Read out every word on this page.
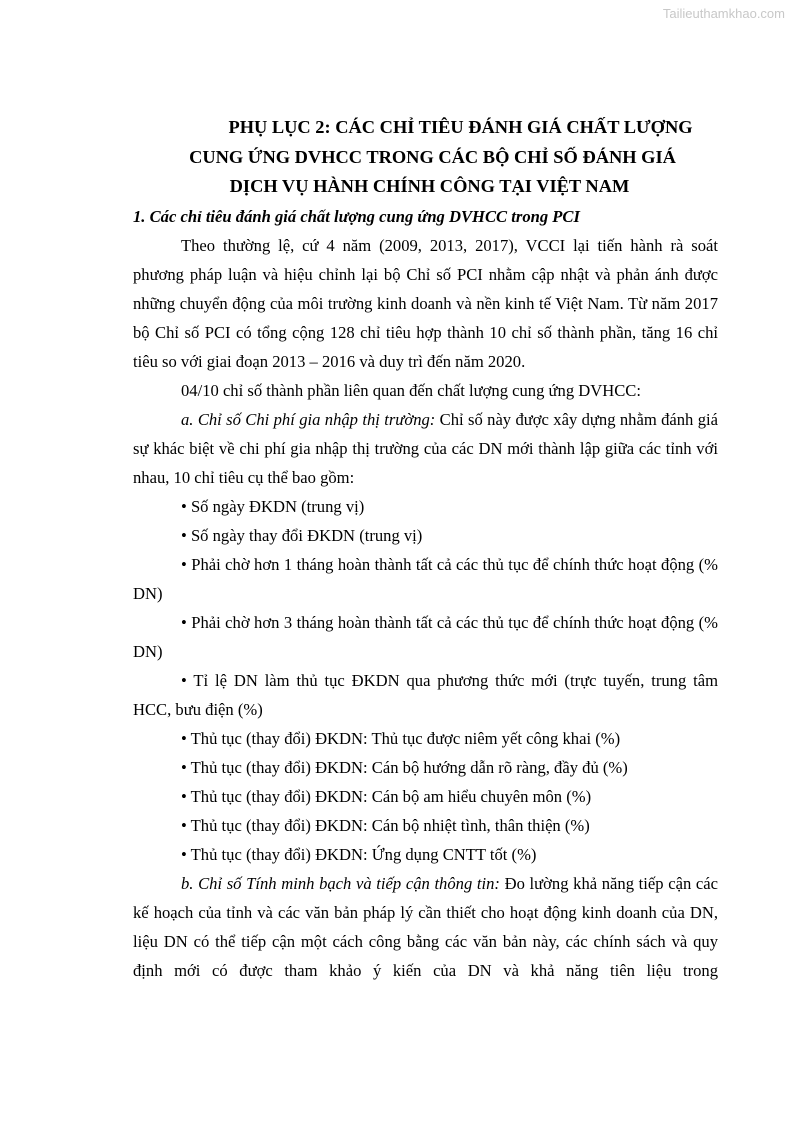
Tailieuthamkhao.com
PHỤ LỤC 2: CÁC CHỈ TIÊU ĐÁNH GIÁ CHẤT LƯỢNG
CUNG ỨNG DVHCC TRONG CÁC BỘ CHỈ SỐ ĐÁNH GIÁ
DỊCH VỤ HÀNH CHÍNH CÔNG TẠI VIỆT NAM
1. Các chỉ tiêu đánh giá chất lượng cung ứng DVHCC trong PCI

Theo thường lệ, cứ 4 năm (2009, 2013, 2017), VCCI lại tiến hành rà soát phương pháp luận và hiệu chỉnh lại bộ Chỉ số PCI nhằm cập nhật và phản ánh được những chuyển động của môi trường kinh doanh và nền kinh tế Việt Nam. Từ năm 2017 bộ Chỉ số PCI có tổng cộng 128 chỉ tiêu hợp thành 10 chỉ số thành phần, tăng 16 chỉ tiêu so với giai đoạn 2013 – 2016 và duy trì đến năm 2020.

04/10 chỉ số thành phần liên quan đến chất lượng cung ứng DVHCC:

a. Chỉ số Chi phí gia nhập thị trường: Chỉ số này được xây dựng nhằm đánh giá sự khác biệt về chi phí gia nhập thị trường của các DN mới thành lập giữa các tỉnh với nhau, 10 chỉ tiêu cụ thể bao gồm:

• Số ngày ĐKDN (trung vị)

• Số ngày thay đổi ĐKDN (trung vị)

• Phải chờ hơn 1 tháng hoàn thành tất cả các thủ tục để chính thức hoạt động (% DN)

• Phải chờ hơn 3 tháng hoàn thành tất cả các thủ tục để chính thức hoạt động (% DN)

• Tỉ lệ DN làm thủ tục ĐKDN qua phương thức mới (trực tuyến, trung tâm HCC, bưu điện (%)

• Thủ tục (thay đổi) ĐKDN: Thủ tục được niêm yết công khai (%)

• Thủ tục (thay đổi) ĐKDN: Cán bộ hướng dẫn rõ ràng, đầy đủ (%)

• Thủ tục (thay đổi) ĐKDN: Cán bộ am hiểu chuyên môn (%)

• Thủ tục (thay đổi) ĐKDN: Cán bộ nhiệt tình, thân thiện (%)

• Thủ tục (thay đổi) ĐKDN: Ứng dụng CNTT tốt (%)

b. Chỉ số Tính minh bạch và tiếp cận thông tin: Đo lường khả năng tiếp cận các kế hoạch của tỉnh và các văn bản pháp lý cần thiết cho hoạt động kinh doanh của DN, liệu DN có thể tiếp cận một cách công bằng các văn bản này, các chính sách và quy định mới có được tham khảo ý kiến của DN và khả năng tiên liệu trong
